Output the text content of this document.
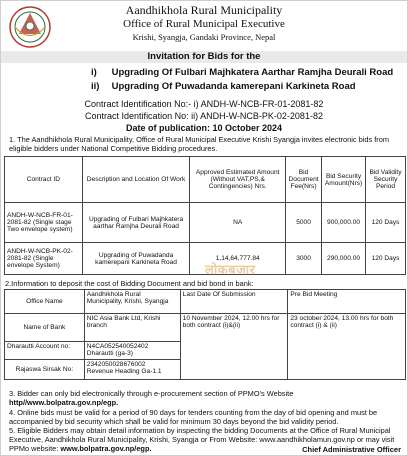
Aandhikhola Rural Municipality
Office of Rural Municipal Executive
Krishi, Syangja, Gandaki Province, Nepal
Invitation for Bids for the
i) Upgrading Of Fulbari Majhkatera Aarthar Ramjha Deurali Road
ii) Upgrading Of Puwadanda kamerepani Karkineta Road
Contract Identification No:- i) ANDH-W-NCB-FR-01-2081-82
Contract Identification No: ii) ANDH-W-NCB-PK-02-2081-82
Date of publication: 10 October 2024
1. The Aandhikhola Rural Municipality, Office of Rural Municipal Executive Krishi Syangja invites electronic bids from eligible bidders under National Competitive Bidding procedures.
Contract ID	Description and Location Of Work	Approved Estimated Amount (Without VAT,PS,& Contingencies) Nrs.	Bid Document Fee(Nrs)	Bid Security Amount(Nrs)	Bid Validity Security Period
ANDH-W-NCB-FR-01-2081-82 (Single stage Two envelope system)	Upgrading of Fulbari Majhkatera aarthar Ramjha Deurali Road	NA	5000	900,000.00	120 Days
ANDH-W-NCB-PK-02-2081-82 (Single envelope System)	Upgrading of Puwadanda kamerepani Karkineta Road	1,14,64,777.84	3000	290,000.00	120 Days
लोकबजार
2.Information to deposit the cost of Bidding Document and bid bond in bank:
Office Name	Aandhikhola Rural Municipality, Krishi, Syangja	Last Date Of Submission	Pre Bid Meeting
Name of Bank	NIC Asia Bank Ltd, Krishi branch	10 November 2024, 12.00 hrs for both contract (i)&(ii)	23 october 2024, 13.00 hrs for both contract (i) & (ii)
Dharautti Account no:	N4CA052540052402
Dharautti (ga-3)		

Rajaswa Sirsak No:	2342050028676002
Revenue Heading Ga-1.1		
3. Bidder can only bid electronically through e-procurement section of PPMO's Website
http//www.bolpatra.gov.np/egp.
4. Online bids must be valid for a period of 90 days for tenders counting from the day of bid opening and must be accompanied by bid security which shall be valid for minimum 30 days beyond the bid validity period.
5. Eligible Bidders may obtain detail information by inspecting the bidding Documents at the Office of Rural Municipal Executive, Aandhikhola Rural Municipality, Krishi, Syangja or From Website: www.aandhikholamun.gov.np or may visit PPMo website: www.bolpatra.gov.np/egp.	Chief Administrative Officer
